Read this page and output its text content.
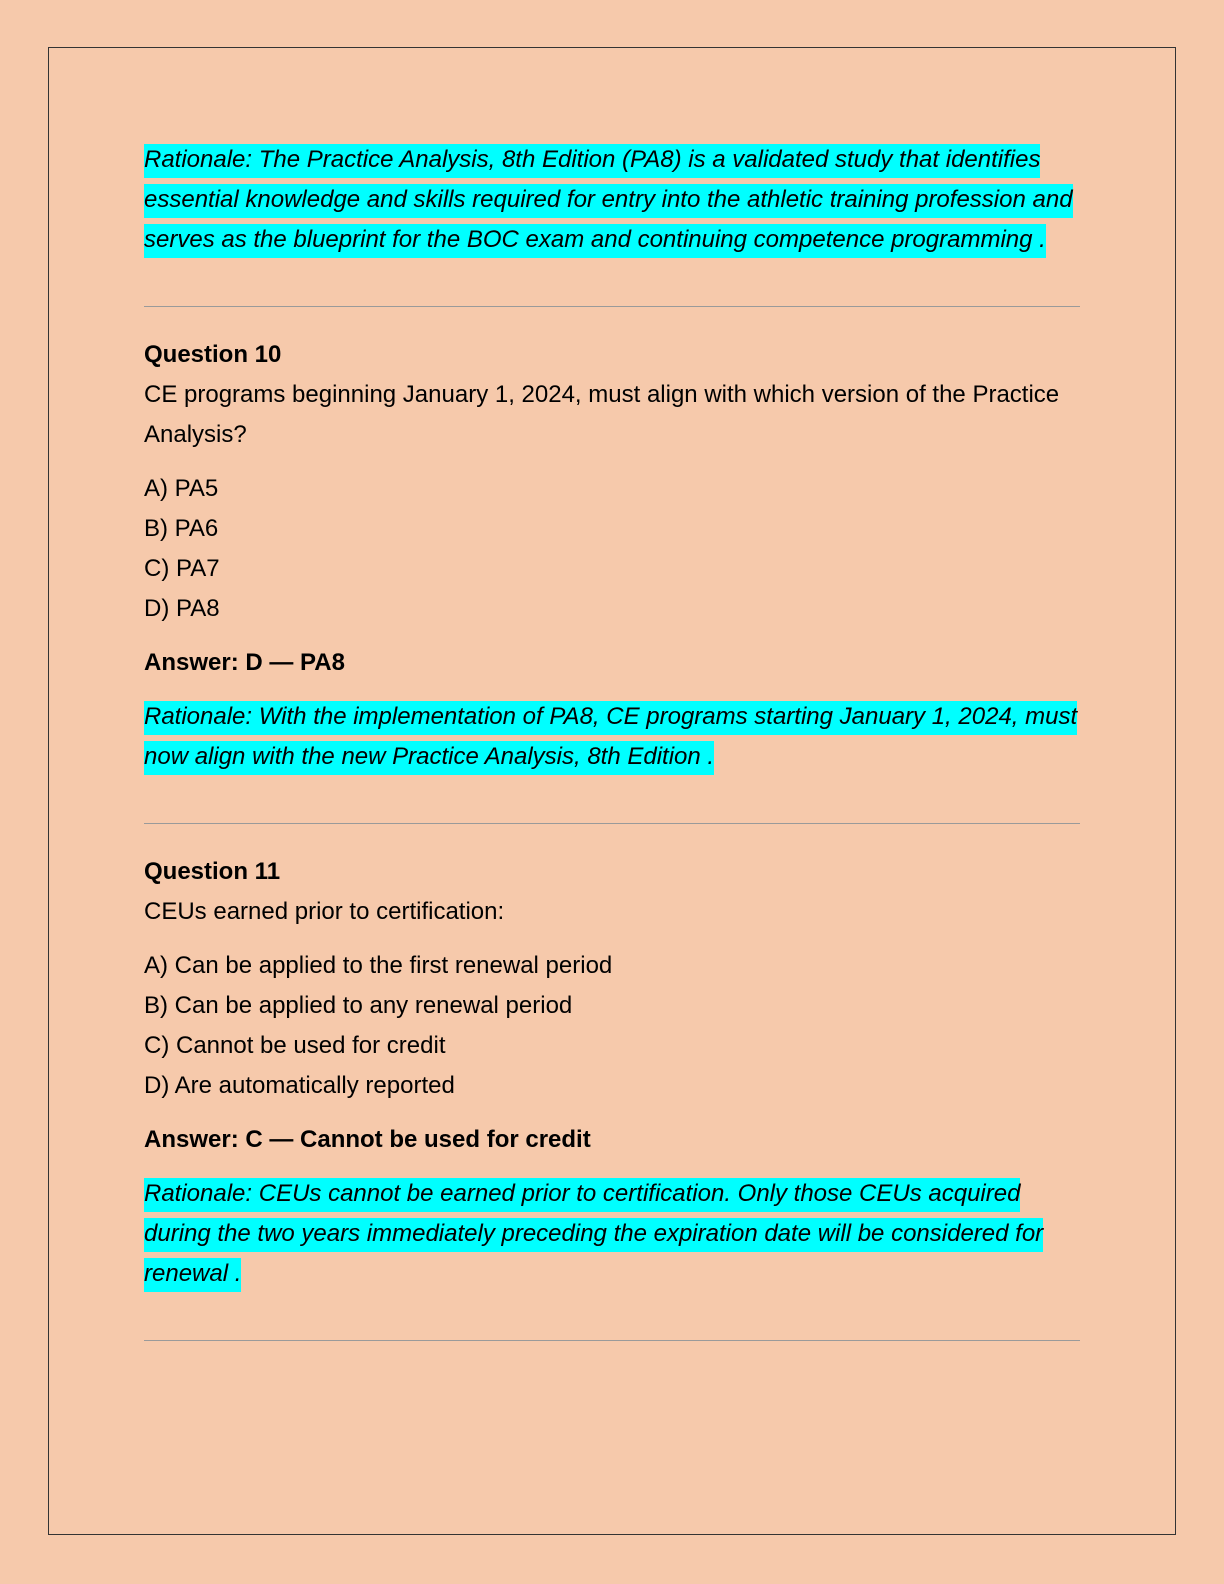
Rationale: The Practice Analysis, 8th Edition (PA8) is a validated study that identifies essential knowledge and skills required for entry into the athletic training profession and serves as the blueprint for the BOC exam and continuing competence programming .

Question 10

CE programs beginning January 1, 2024, must align with which version of the Practice Analysis?

A) PA5
B) PA6
C) PA7
D) PA8

Answer: D — PA8

Rationale: With the implementation of PA8, CE programs starting January 1, 2024, must now align with the new Practice Analysis, 8th Edition .

Question 11

CEUs earned prior to certification:

A) Can be applied to the first renewal period
B) Can be applied to any renewal period
C) Cannot be used for credit
D) Are automatically reported

Answer: C — Cannot be used for credit

Rationale: CEUs cannot be earned prior to certification. Only those CEUs acquired during the two years immediately preceding the expiration date will be considered for renewal .
